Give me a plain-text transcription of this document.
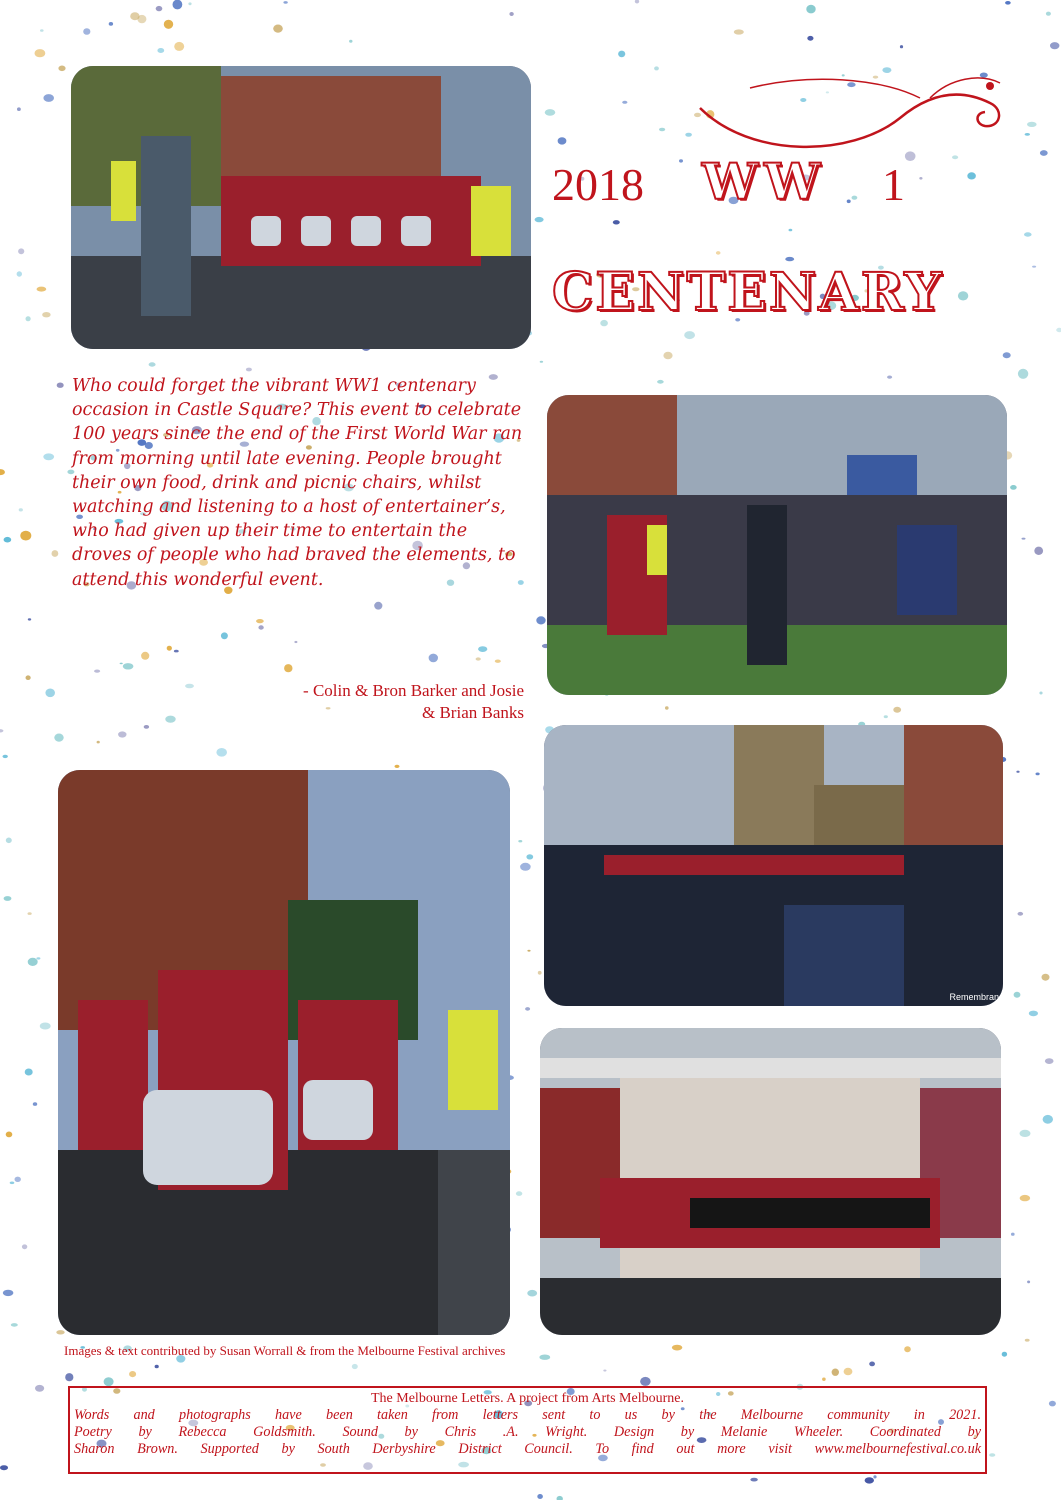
2018 WW 1
CENTENARY
Remembran
Who could forget the vibrant WW1 centenary occasion in Castle Square? This event to celebrate 100 years since the end of the First World War ran from morning until late evening. People brought their own food, drink and picnic chairs, whilst watching and listening to a host of entertainer’s, who had given up their time to entertain the droves of people who had braved the elements, to attend this wonderful event.
- Colin & Bron Barker and Josie
& Brian Banks
Images & text contributed by Susan Worrall & from the Melbourne Festival archives
The Melbourne Letters. A project from Arts Melbourne.
Words and photographs have been taken from letters sent to us by the Melbourne community in 2021.
Poetry by Rebecca Goldsmith. Sound by Chris .A. Wright. Design by Melanie Wheeler. Coordinated by
Sharon Brown. Supported by South Derbyshire District Council. To find out more visit www.melbournefestival.co.uk
